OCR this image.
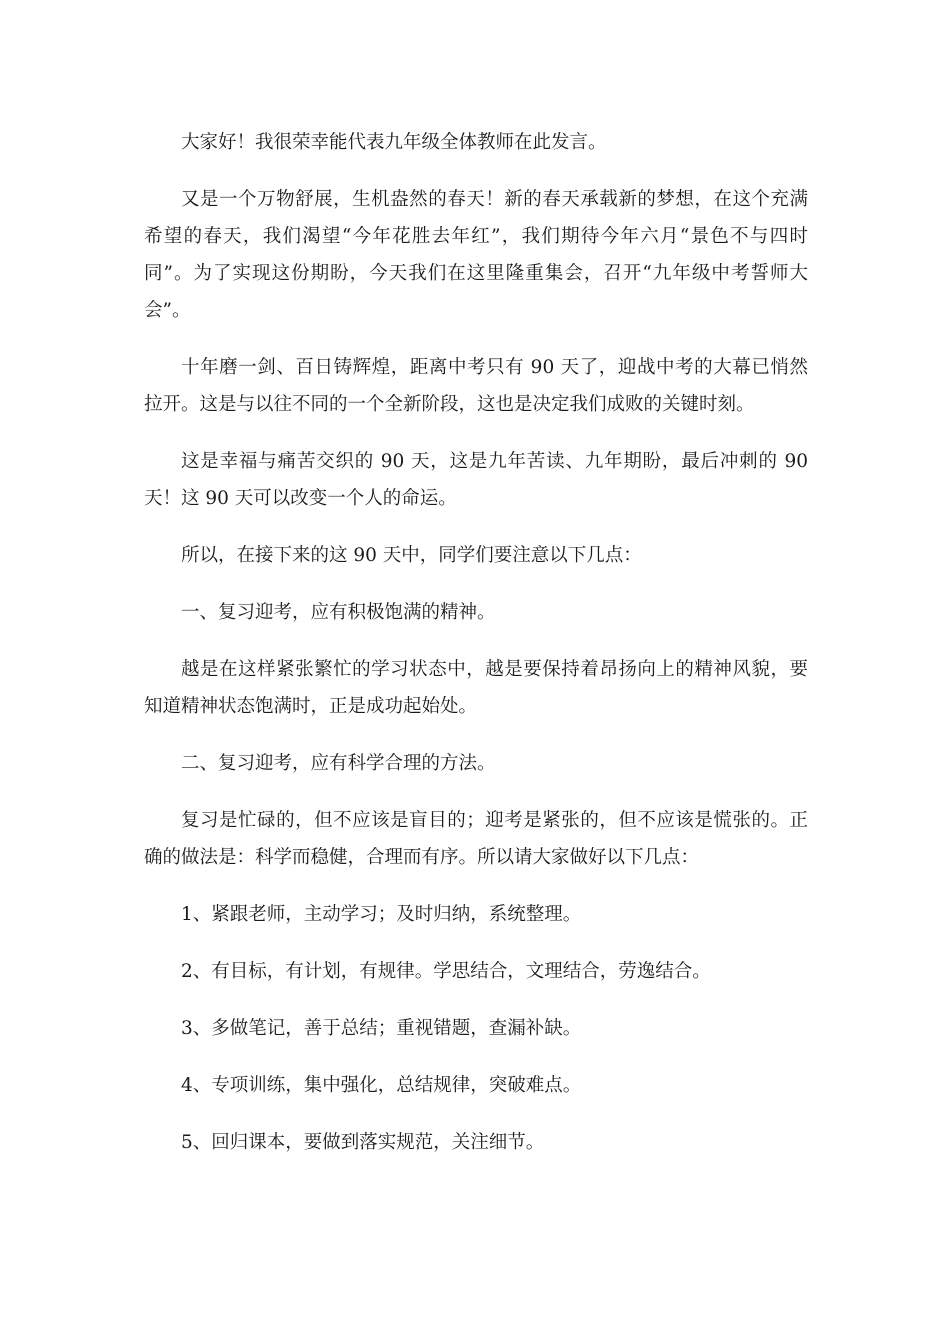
大家好！我很荣幸能代表九年级全体教师在此发言。

又是一个万物舒展，生机盎然的春天！新的春天承载新的梦想，在这个充满希望的春天，我们渴望“今年花胜去年红”，我们期待今年六月“景色不与四时同”。为了实现这份期盼，今天我们在这里隆重集会，召开“九年级中考誓师大会”。

十年磨一剑、百日铸辉煌，距离中考只有 90 天了，迎战中考的大幕已悄然拉开。这是与以往不同的一个全新阶段，这也是决定我们成败的关键时刻。

这是幸福与痛苦交织的 90 天，这是九年苦读、九年期盼，最后冲刺的 90 天！这 90 天可以改变一个人的命运。

所以，在接下来的这 90 天中，同学们要注意以下几点：

一、复习迎考，应有积极饱满的精神。

越是在这样紧张繁忙的学习状态中，越是要保持着昂扬向上的精神风貌，要知道精神状态饱满时，正是成功起始处。

二、复习迎考，应有科学合理的方法。

复习是忙碌的，但不应该是盲目的；迎考是紧张的，但不应该是慌张的。正确的做法是：科学而稳健，合理而有序。所以请大家做好以下几点：

1、紧跟老师，主动学习；及时归纳，系统整理。

2、有目标，有计划，有规律。学思结合，文理结合，劳逸结合。

3、多做笔记，善于总结；重视错题，查漏补缺。

4、专项训练，集中强化，总结规律，突破难点。

5、回归课本，要做到落实规范，关注细节。
